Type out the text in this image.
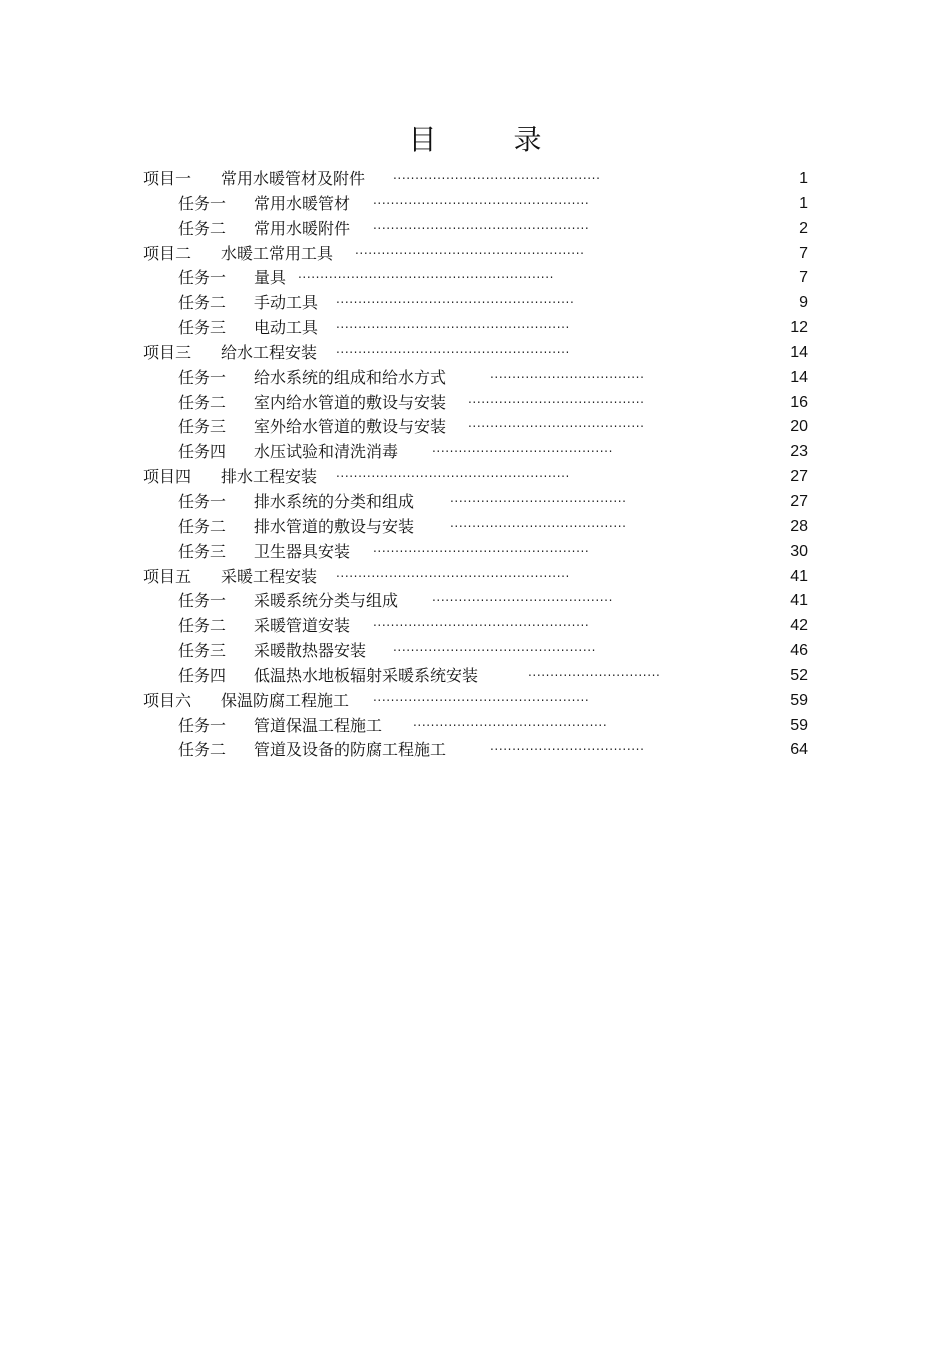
目 录
项目一 常用水暖管材及附件 ...............................................	1
任务一 常用水暖管材 .................................................	1
任务二 常用水暖附件 .................................................	2
项目二 水暖工常用工具 ....................................................	7
任务一 量具 ..........................................................	7
任务二 手动工具 ......................................................	9
任务三 电动工具 .....................................................	12
项目三 给水工程安装 .....................................................	14
任务一 给水系统的组成和给水方式	...................................	14
任务二 室内给水管道的敷设与安装 ........................................	16
任务三 室外给水管道的敷设与安装 ........................................	20
任务四 水压试验和清洗消毒	.........................................	23
项目四 排水工程安装 .....................................................	27
任务一 排水系统的分类和组成	........................................	27
任务二 排水管道的敷设与安装	........................................	28
任务三 卫生器具安装 .................................................	30
项目五 采暖工程安装 .....................................................	41
任务一 采暖系统分类与组成	.........................................	41
任务二 采暖管道安装 .................................................	42
任务三 采暖散热器安装 ..............................................	46
任务四 低温热水地板辐射采暖系统安装	..............................	52
项目六 保温防腐工程施工 .................................................	59
任务一 管道保温工程施工	............................................	59
任务二 管道及设备的防腐工程施工	...................................	64
